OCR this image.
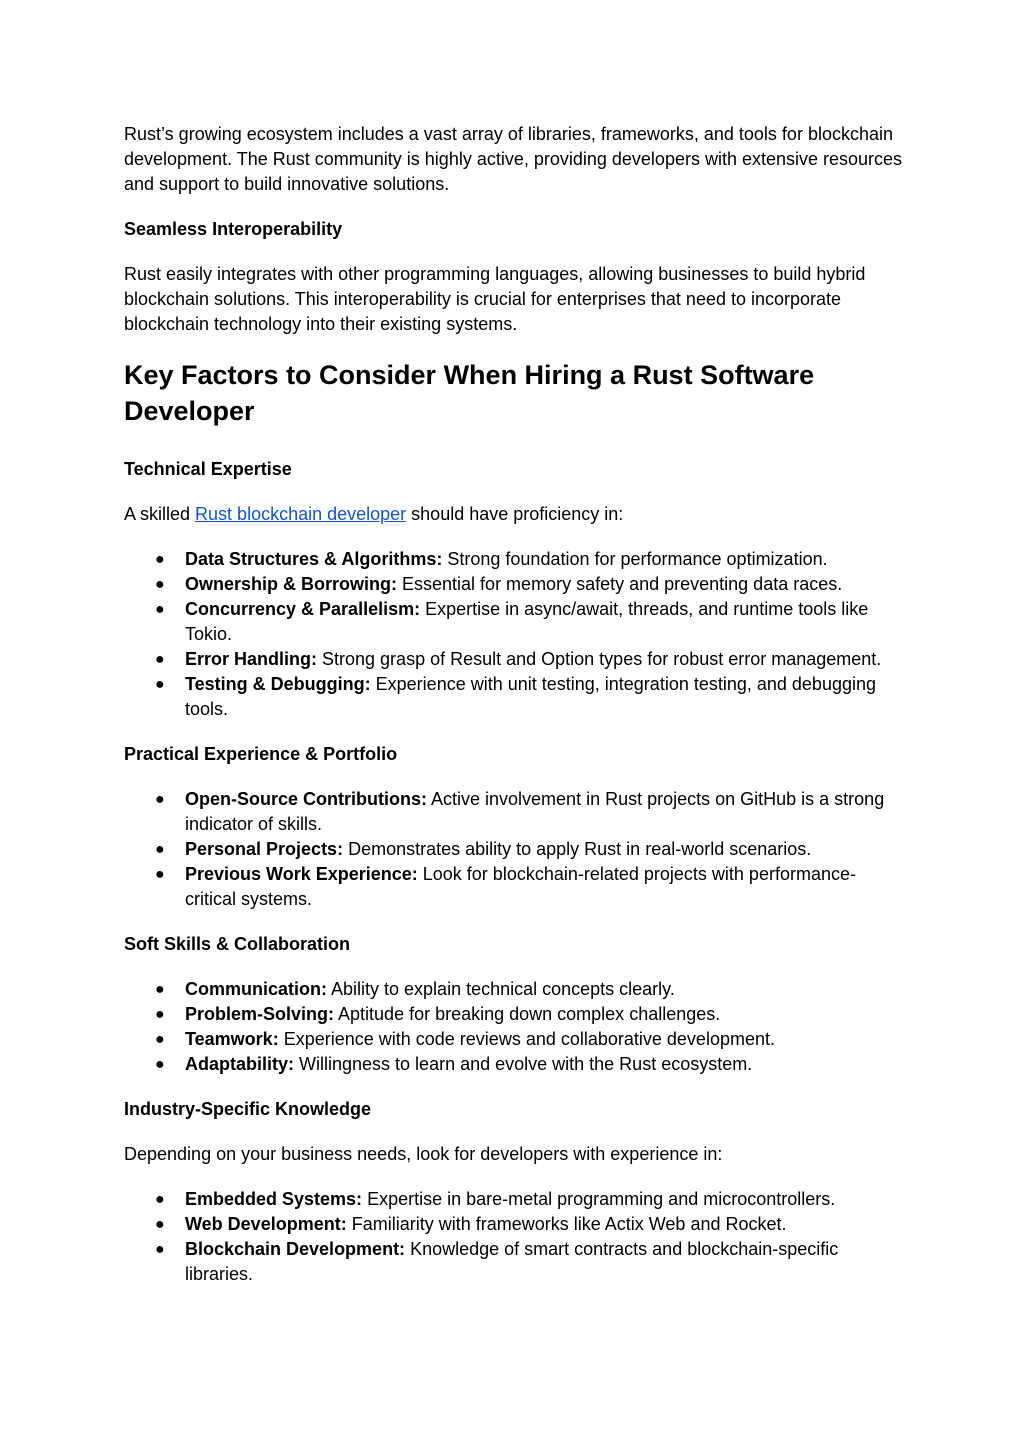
Rust’s growing ecosystem includes a vast array of libraries, frameworks, and tools for blockchain development. The Rust community is highly active, providing developers with extensive resources and support to build innovative solutions.

Seamless Interoperability

Rust easily integrates with other programming languages, allowing businesses to build hybrid blockchain solutions. This interoperability is crucial for enterprises that need to incorporate blockchain technology into their existing systems.

Key Factors to Consider When Hiring a Rust Software Developer
Technical Expertise

A skilled Rust blockchain developer should have proficiency in:

● Data Structures & Algorithms: Strong foundation for performance optimization.
● Ownership & Borrowing: Essential for memory safety and preventing data races.
● Concurrency & Parallelism: Expertise in async/await, threads, and runtime tools like Tokio.
● Error Handling: Strong grasp of Result and Option types for robust error management.
● Testing & Debugging: Experience with unit testing, integration testing, and debugging tools.
Practical Experience & Portfolio
● Open-Source Contributions: Active involvement in Rust projects on GitHub is a strong indicator of skills.
● Personal Projects: Demonstrates ability to apply Rust in real-world scenarios.
● Previous Work Experience: Look for blockchain-related projects with performance-critical systems.
Soft Skills & Collaboration
● Communication: Ability to explain technical concepts clearly.
● Problem-Solving: Aptitude for breaking down complex challenges.
● Teamwork: Experience with code reviews and collaborative development.
● Adaptability: Willingness to learn and evolve with the Rust ecosystem.
Industry-Specific Knowledge

Depending on your business needs, look for developers with experience in:

● Embedded Systems: Expertise in bare-metal programming and microcontrollers.
● Web Development: Familiarity with frameworks like Actix Web and Rocket.
● Blockchain Development: Knowledge of smart contracts and blockchain-specific libraries.
